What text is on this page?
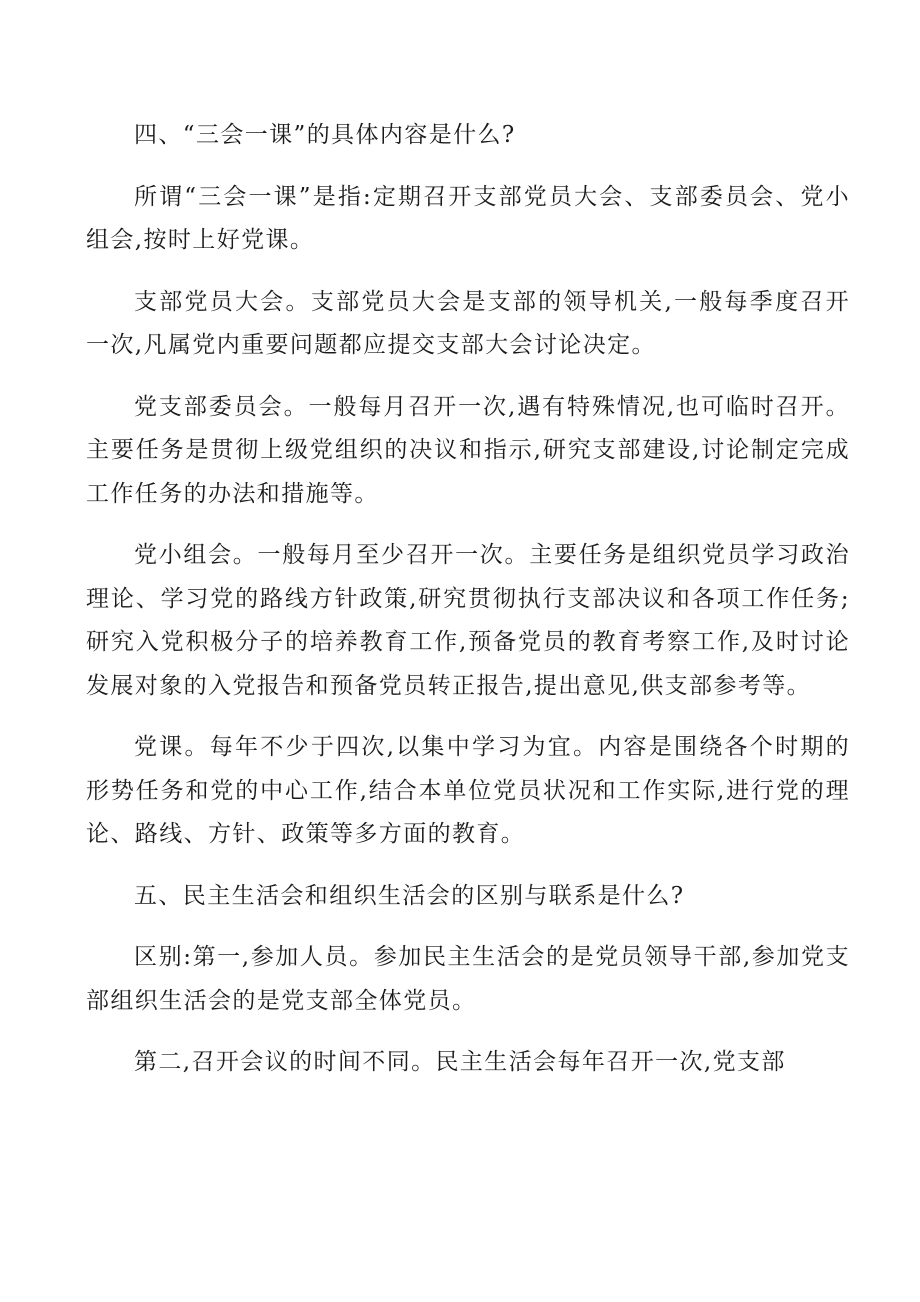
四、“三会一课”的具体内容是什么?

所谓“三会一课”是指:定期召开支部党员大会、支部委员会、党小组会,按时上好党课。

支部党员大会。支部党员大会是支部的领导机关,一般每季度召开一次,凡属党内重要问题都应提交支部大会讨论决定。

党支部委员会。一般每月召开一次,遇有特殊情况,也可临时召开。主要任务是贯彻上级党组织的决议和指示,研究支部建设,讨论制定完成工作任务的办法和措施等。

党小组会。一般每月至少召开一次。主要任务是组织党员学习政治理论、学习党的路线方针政策,研究贯彻执行支部决议和各项工作任务;研究入党积极分子的培养教育工作,预备党员的教育考察工作,及时讨论发展对象的入党报告和预备党员转正报告,提出意见,供支部参考等。

党课。每年不少于四次,以集中学习为宜。内容是围绕各个时期的形势任务和党的中心工作,结合本单位党员状况和工作实际,进行党的理论、路线、方针、政策等多方面的教育。

五、民主生活会和组织生活会的区别与联系是什么?

区别:第一,参加人员。参加民主生活会的是党员领导干部,参加党支部组织生活会的是党支部全体党员。

第二,召开会议的时间不同。民主生活会每年召开一次,党支部
